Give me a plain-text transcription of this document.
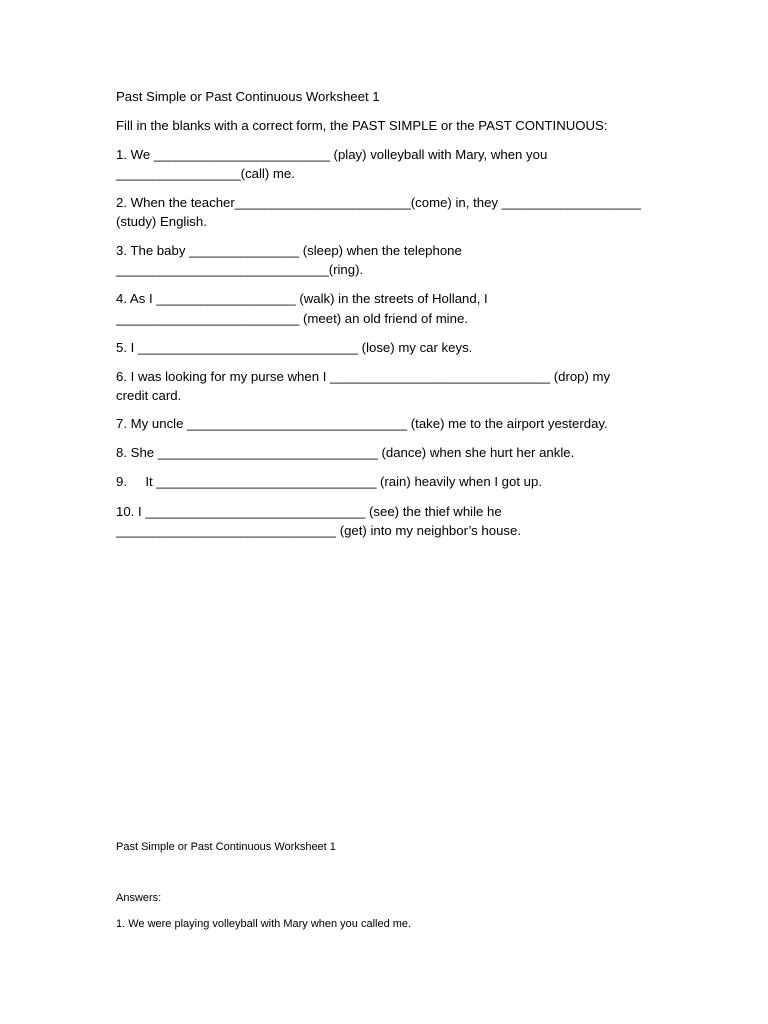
Past Simple or Past Continuous Worksheet 1
Fill in the blanks with a correct form, the PAST SIMPLE or the PAST CONTINUOUS:
1. We ________________________ (play) volleyball with Mary, when you
_________________(call) me.
2. When the teacher________________________(come) in, they ___________________
(study) English.
3. The baby _______________ (sleep) when the telephone
_____________________________(ring).
4. As I ___________________ (walk) in the streets of Holland, I
_________________________ (meet) an old friend of mine.
5. I ______________________________ (lose) my car keys.
6. I was looking for my purse when I ______________________________ (drop) my
credit card.
7. My uncle ______________________________ (take) me to the airport yesterday.
8. She ______________________________ (dance) when she hurt her ankle.
9.     It ______________________________ (rain) heavily when I got up.
10. I ______________________________ (see) the thief while he
______________________________ (get) into my neighbor’s house.
Past Simple or Past Continuous Worksheet 1
Answers:
1. We were playing volleyball with Mary when you called me.
